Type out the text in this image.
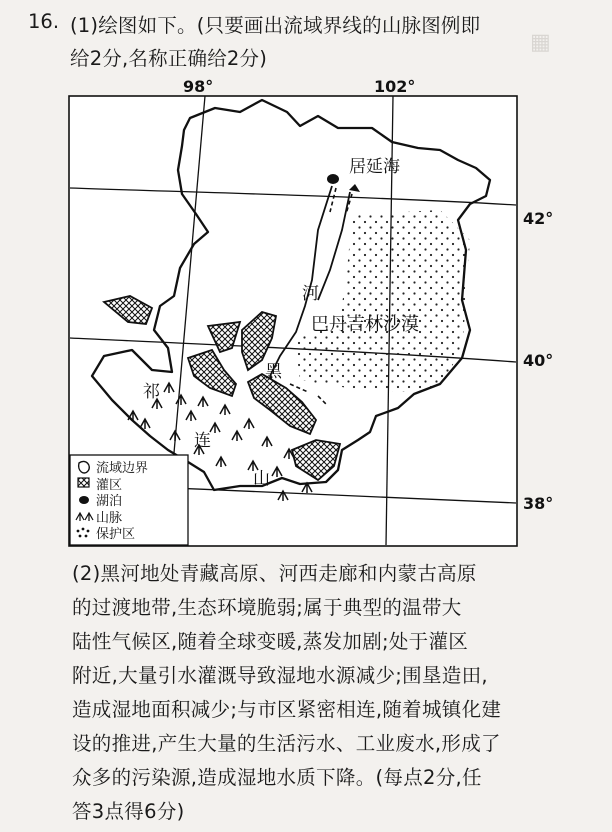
16. (1)绘图如下。(只要画出流域界线的山脉图例即
给2分,名称正确给2分)
▦
98°	102°
42°
40°
38°
居延海
河
黑
巴丹吉林沙漠
祁
连
山
流域边界
灌区
湖泊
山脉
保护区
(2)黑河地处青藏高原、河西走廊和内蒙古高原
的过渡地带,生态环境脆弱;属于典型的温带大
陆性气候区,随着全球变暖,蒸发加剧;处于灌区
附近,大量引水灌溉导致湿地水源减少;围垦造田,
造成湿地面积减少;与市区紧密相连,随着城镇化建
设的推进,产生大量的生活污水、工业废水,形成了
众多的污染源,造成湿地水质下降。(每点2分,任
答3点得6分)
